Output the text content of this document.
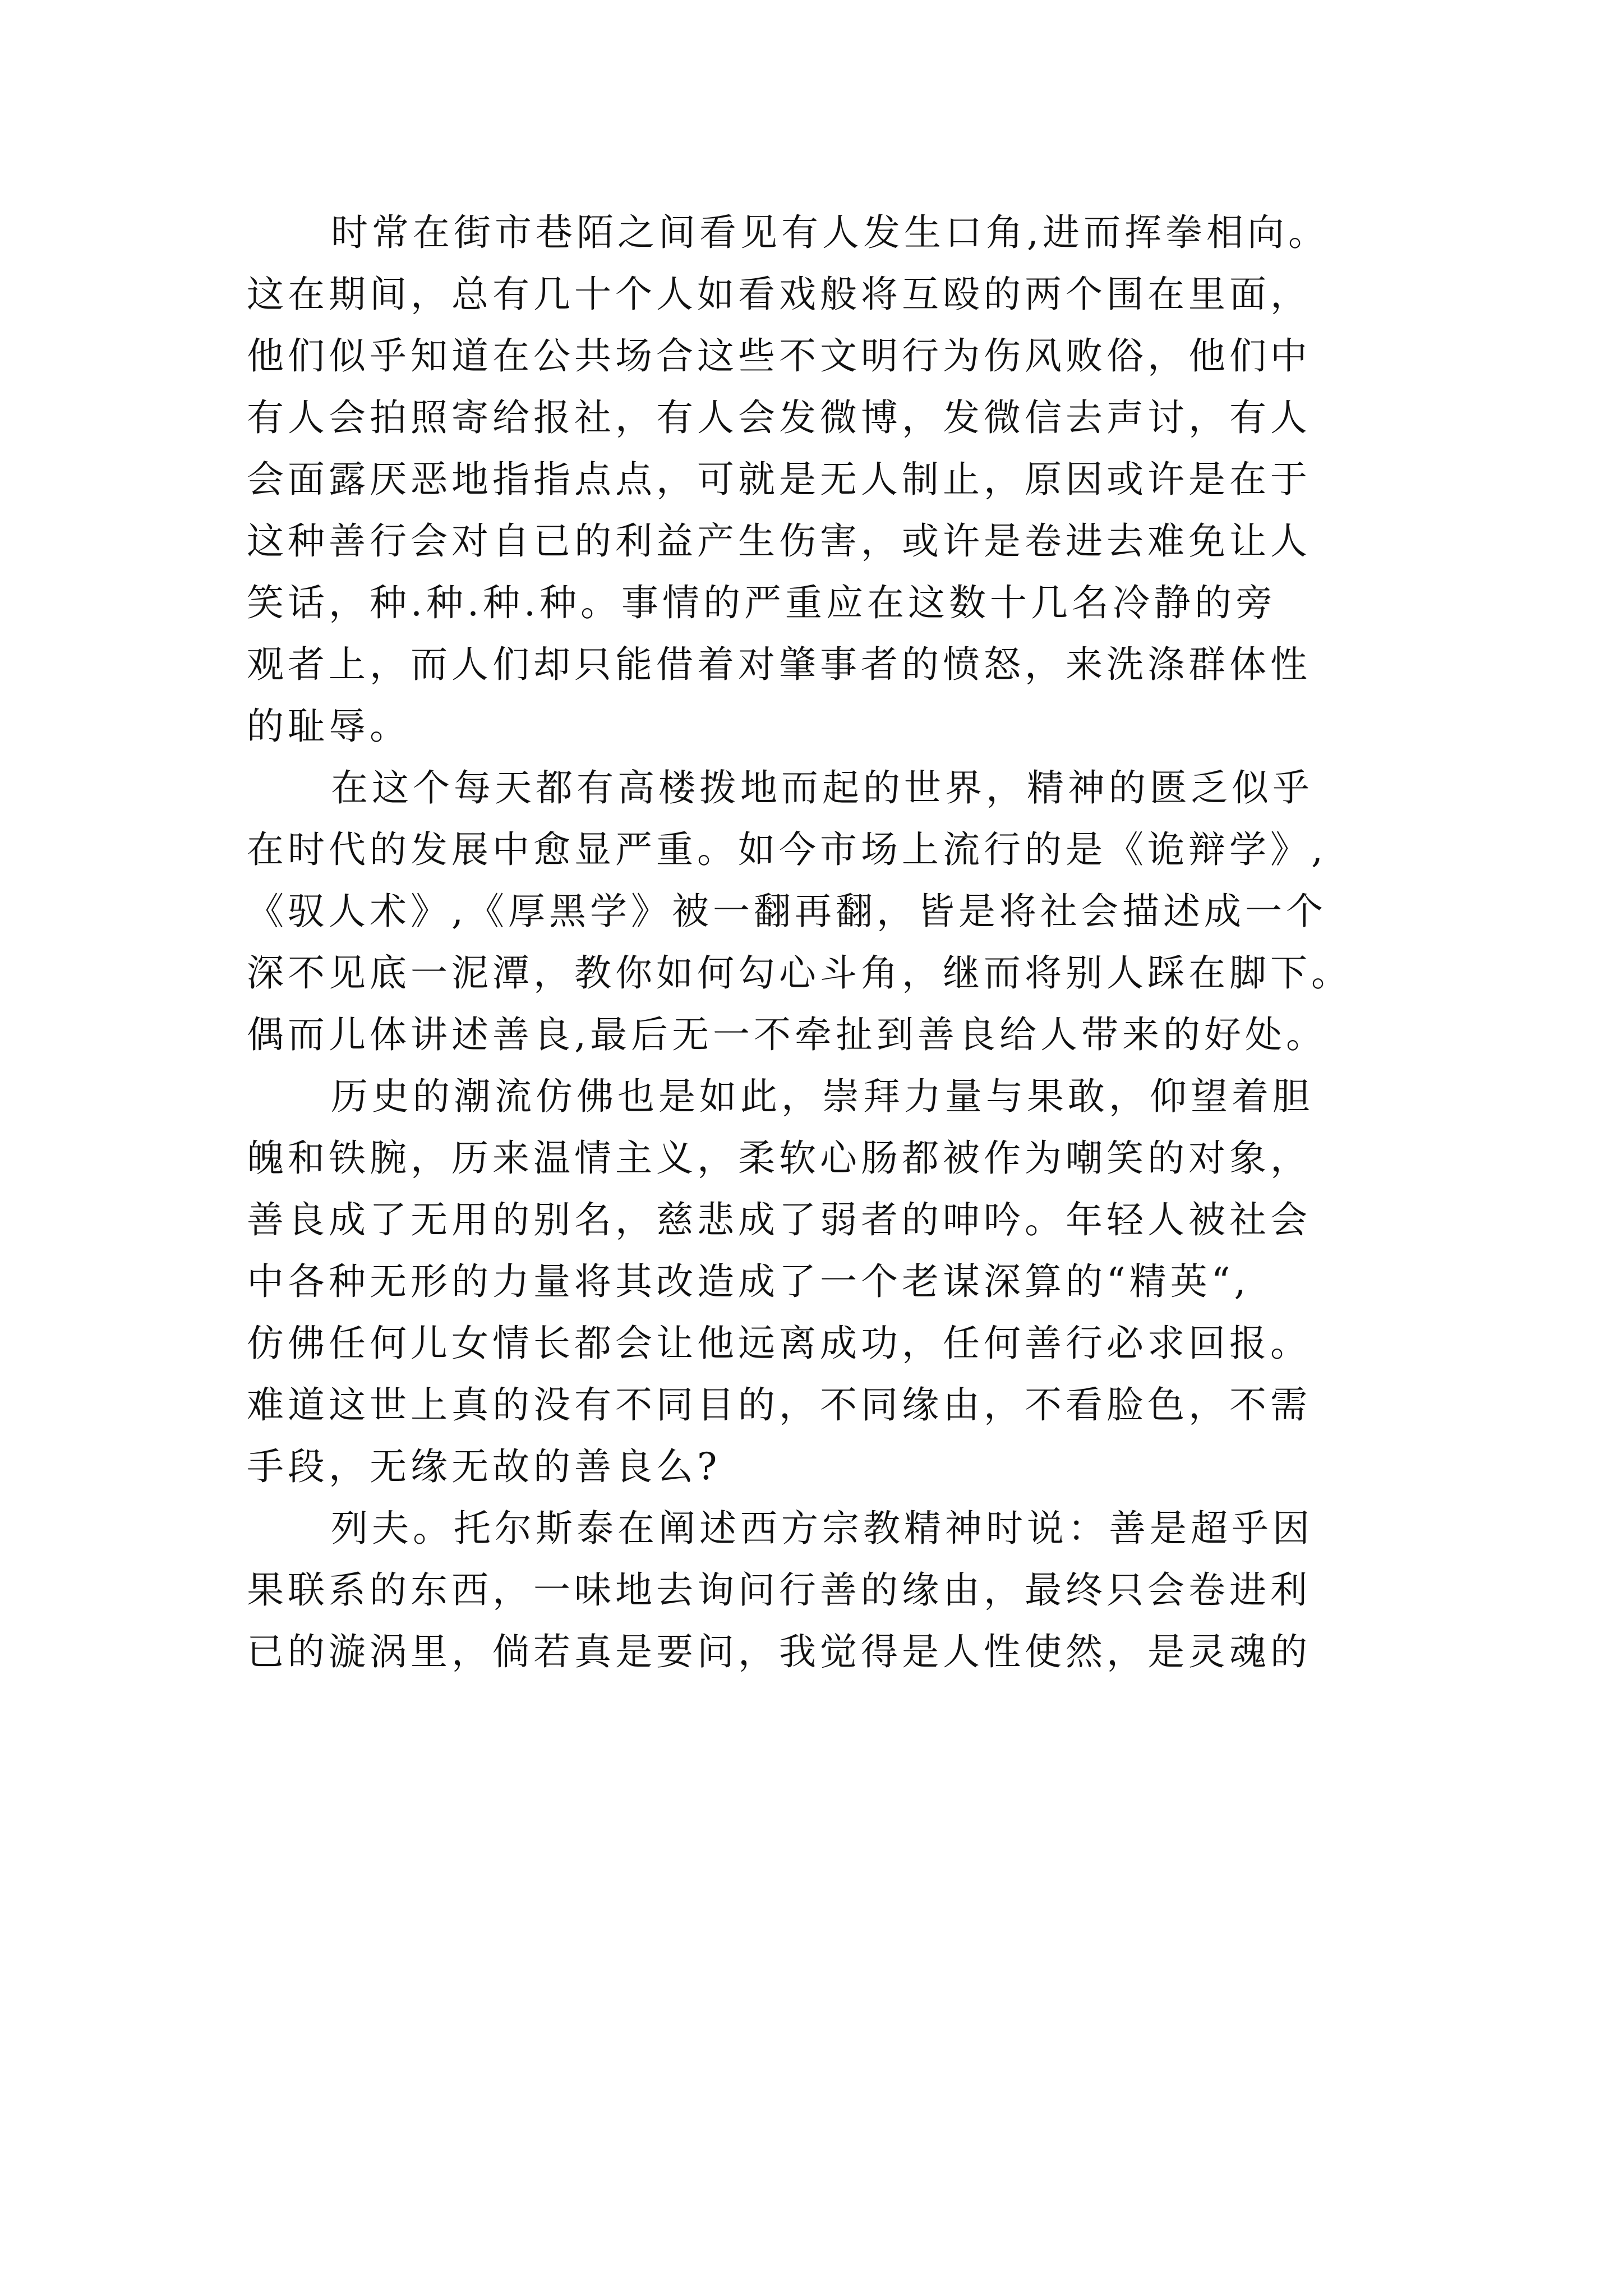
时常在街市巷陌之间看见有人发生口角,进而挥拳相向。
这在期间，总有几十个人如看戏般将互殴的两个围在里面，
他们似乎知道在公共场合这些不文明行为伤风败俗，他们中
有人会拍照寄给报社，有人会发微博，发微信去声讨，有人
会面露厌恶地指指点点，可就是无人制止，原因或许是在于
这种善行会对自已的利益产生伤害，或许是卷进去难免让人
笑话，种.种.种.种。事情的严重应在这数十几名冷静的旁
观者上，而人们却只能借着对肇事者的愤怒，来洗涤群体性
的耻辱。
在这个每天都有高楼拨地而起的世界，精神的匮乏似乎
在时代的发展中愈显严重。如今市场上流行的是《诡辩学》,
《驭人术》,《厚黑学》被一翻再翻，皆是将社会描述成一个
深不见底一泥潭，教你如何勾心斗角，继而将别人踩在脚下。
偶而儿体讲述善良,最后无一不牵扯到善良给人带来的好处。
历史的潮流仿佛也是如此，崇拜力量与果敢，仰望着胆
魄和铁腕，历来温情主义，柔软心肠都被作为嘲笑的对象，
善良成了无用的别名，慈悲成了弱者的呻吟。年轻人被社会
中各种无形的力量将其改造成了一个老谋深算的“精英“,
仿佛任何儿女情长都会让他远离成功，任何善行必求回报。
难道这世上真的没有不同目的，不同缘由，不看脸色，不需
手段，无缘无故的善良么?
列夫。托尔斯泰在阐述西方宗教精神时说：善是超乎因
果联系的东西，一味地去询问行善的缘由，最终只会卷进利
已的漩涡里，倘若真是要问，我觉得是人性使然，是灵魂的
